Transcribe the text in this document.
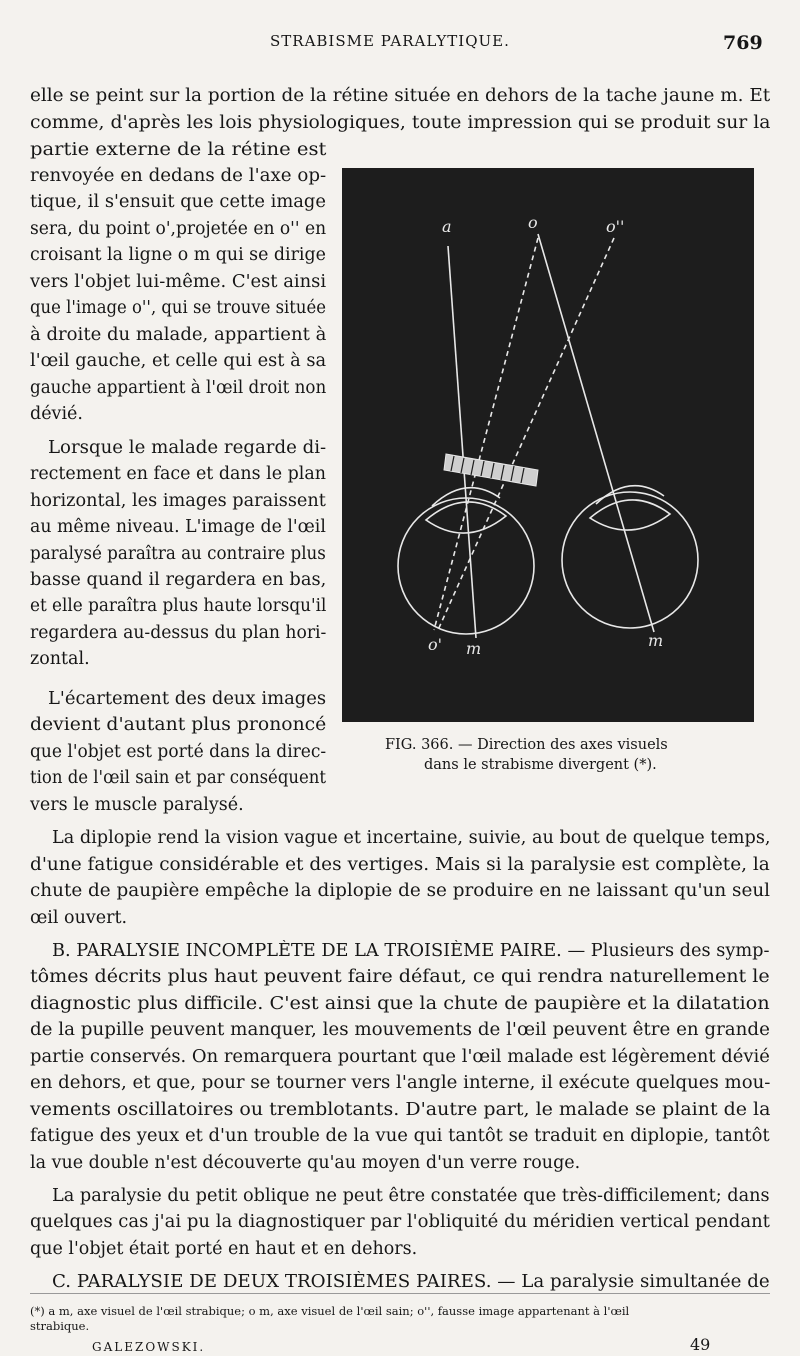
STRABISME PARALYTIQUE.	769
elle se peint sur la portion de la rétine située en dehors de la tache jaune m. Et
comme, d'après les lois physiologiques, toute impression qui se produit sur la
partie externe de la rétine est
renvoyée en dedans de l'axe op-
tique, il s'ensuit que cette image
sera, du point o',projetée en o'' en
croisant la ligne o m qui se dirige
vers l'objet lui-même. C'est ainsi
que l'image o'', qui se trouve située
à droite du malade, appartient à
l'œil gauche, et celle qui est à sa
gauche appartient à l'œil droit non
dévié.
Lorsque le malade regarde di-
rectement en face et dans le plan
horizontal, les images paraissent
au même niveau. L'image de l'œil
paralysé paraîtra au contraire plus
basse quand il regardera en bas,
et elle paraîtra plus haute lorsqu'il
regardera au-dessus du plan hori-
zontal.
L'écartement des deux images
devient d'autant plus prononcé
que l'objet est porté dans la direc-
tion de l'œil sain et par conséquent
vers le muscle paralysé.
La diplopie rend la vision vague et incertaine, suivie, au bout de quelque temps,
d'une fatigue considérable et des vertiges. Mais si la paralysie est complète, la
chute de paupière empêche la diplopie de se produire en ne laissant qu'un seul
œil ouvert.
B. PARALYSIE INCOMPLÈTE DE LA TROISIÈME PAIRE. — Plusieurs des symp-
tômes décrits plus haut peuvent faire défaut, ce qui rendra naturellement le
diagnostic plus difficile. C'est ainsi que la chute de paupière et la dilatation
de la pupille peuvent manquer, les mouvements de l'œil peuvent être en grande
partie conservés. On remarquera pourtant que l'œil malade est légèrement dévié
en dehors, et que, pour se tourner vers l'angle interne, il exécute quelques mou-
vements oscillatoires ou tremblotants. D'autre part, le malade se plaint de la
fatigue des yeux et d'un trouble de la vue qui tantôt se traduit en diplopie, tantôt
la vue double n'est découverte qu'au moyen d'un verre rouge.
La paralysie du petit oblique ne peut être constatée que très-difficilement; dans
quelques cas j'ai pu la diagnostiquer par l'obliquité du méridien vertical pendant
que l'objet était porté en haut et en dehors.
C. PARALYSIE DE DEUX TROISIÈMES PAIRES. — La paralysie simultanée de
a	o	o''
o' m	m
FIG. 366. — Direction des axes visuels
dans le strabisme divergent (*).
(*) a m, axe visuel de l'œil strabique; o m, axe visuel de l'œil sain; o'', fausse image appartenant à l'œil
strabique.
GALEZOWSKI.	49
